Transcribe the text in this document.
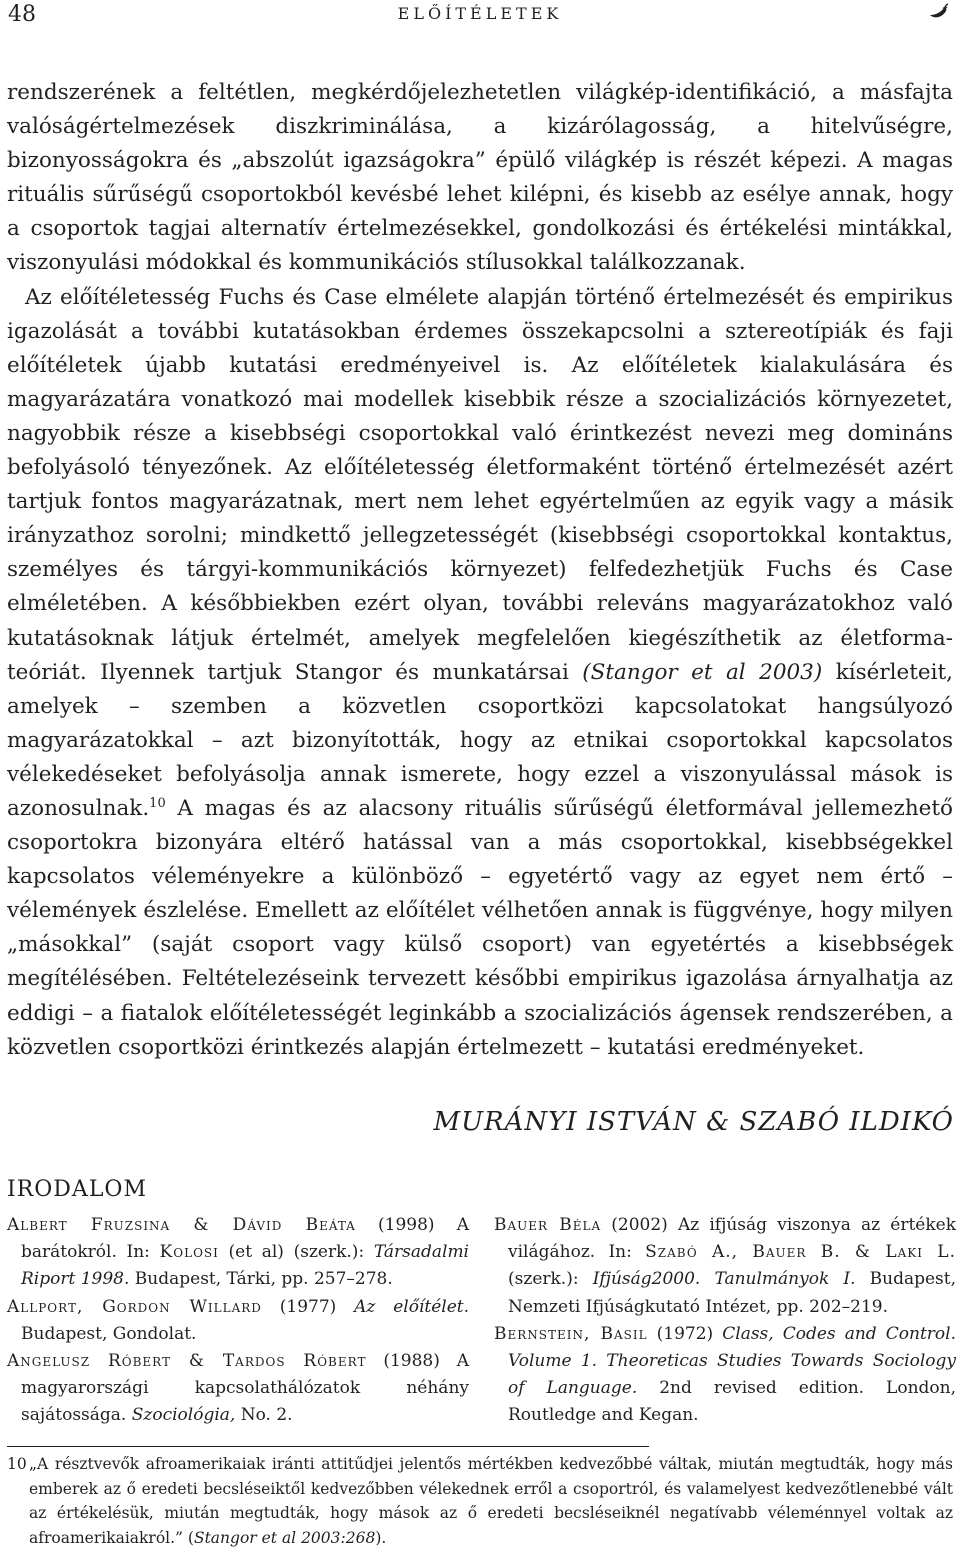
48	ELŐÍTÉLETEK

rendszerének a feltétlen, megkérdőjelezhetetlen világkép-identifikáció, a másfajta valóságértelmezések diszkriminálása, a kizárólagosság, a hitelvűségre, bizonyosságokra és „abszolút igazságokra” épülő világkép is részét képezi. A magas rituális sűrűségű csoportokból kevésbé lehet kilépni, és kisebb az esélye annak, hogy a csoportok tagjai alternatív értelmezésekkel, gondolkozási és értékelési mintákkal, viszonyulási módokkal és kommunikációs stílusokkal találkozzanak.

Az előítéletesség Fuchs és Case elmélete alapján történő értelmezését és empirikus igazolását a további kutatásokban érdemes összekapcsolni a sztereotípiák és faji előítéletek újabb kutatási eredményeivel is. Az előítéletek kialakulására és magyarázatára vonatkozó mai modellek kisebbik része a szocializációs környezetet, nagyobbik része a kisebbségi csoportokkal való érintkezést nevezi meg domináns befolyásoló tényezőnek. Az előítéletesség életformaként történő értelmezését azért tartjuk fontos magyarázatnak, mert nem lehet egyértelműen az egyik vagy a másik irányzathoz sorolni; mindkettő jellegzetességét (kisebbségi csoportokkal kontaktus, személyes és tárgyi-kommunikációs környezet) felfedezhetjük Fuchs és Case elméletében. A későbbiekben ezért olyan, további releváns magyarázatokhoz való kutatásoknak látjuk értelmét, amelyek megfelelően kiegészíthetik az életforma-teóriát. Ilyennek tartjuk Stangor és munkatársai (Stangor et al 2003) kísérleteit, amelyek – szemben a közvetlen csoportközi kapcsolatokat hangsúlyozó magyarázatokkal – azt bizonyították, hogy az etnikai csoportokkal kapcsolatos vélekedéseket befolyásolja annak ismerete, hogy ezzel a viszonyulással mások is azonosulnak.$^{10}$ A magas és az alacsony rituális sűrűségű életformával jellemezhető csoportokra bizonyára eltérő hatással van a más csoportokkal, kisebbségekkel kapcsolatos véleményekre a különböző – egyetértő vagy az egyet nem értő – vélemények észlelése. Emellett az előítélet vélhetően annak is függvénye, hogy milyen „másokkal” (saját csoport vagy külső csoport) van egyetértés a kisebbségek megítélésében. Feltételezéseink tervezett későbbi empirikus igazolása árnyalhatja az eddigi – a fiatalok előítéletességét leginkább a szocializációs ágensek rendszerében, a közvetlen csoportközi érintkezés alapján értelmezett – kutatási eredményeket.

MURÁNYI ISTVÁN & SZABÓ ILDIKÓ
IRODALOM

Albert Fruzsina & Dávid Beáta (1998) A barátokról. In: Kolosi (et al) (szerk.): Társadalmi Riport 1998. Budapest, Tárki, pp. 257–278.

Allport, Gordon Willard (1977) Az előítélet. Budapest, Gondolat.

Angelusz Róbert & Tardos Róbert (1988) A magyarországi kapcsolathálózatok néhány sajátossága. Szociológia, No. 2.

Bauer Béla (2002) Az ifjúság viszonya az értékek világához. In: Szabó A., Bauer B. & Laki L. (szerk.): Ifjúság2000. Tanulmányok I. Budapest, Nemzeti Ifjúságkutató Intézet, pp. 202–219.

Bernstein, Basil (1972) Class, Codes and Control. Volume 1. Theoreticas Studies Towards Sociology of Language. 2nd revised edition. London, Routledge and Kegan.

10 „A résztvevők afroamerikaiak iránti attitűdjei jelentős mértékben kedvezőbbé váltak, miután megtudták, hogy más emberek az ő eredeti becsléseiktől kedvezőbben vélekednek erről a csoportról, és valamelyest kedvezőtlenebbé vált az értékelésük, miután megtudták, hogy mások az ő eredeti becsléseiknél negatívabb véleménnyel voltak az afroamerikaiakról.” (Stangor et al 2003:268).
